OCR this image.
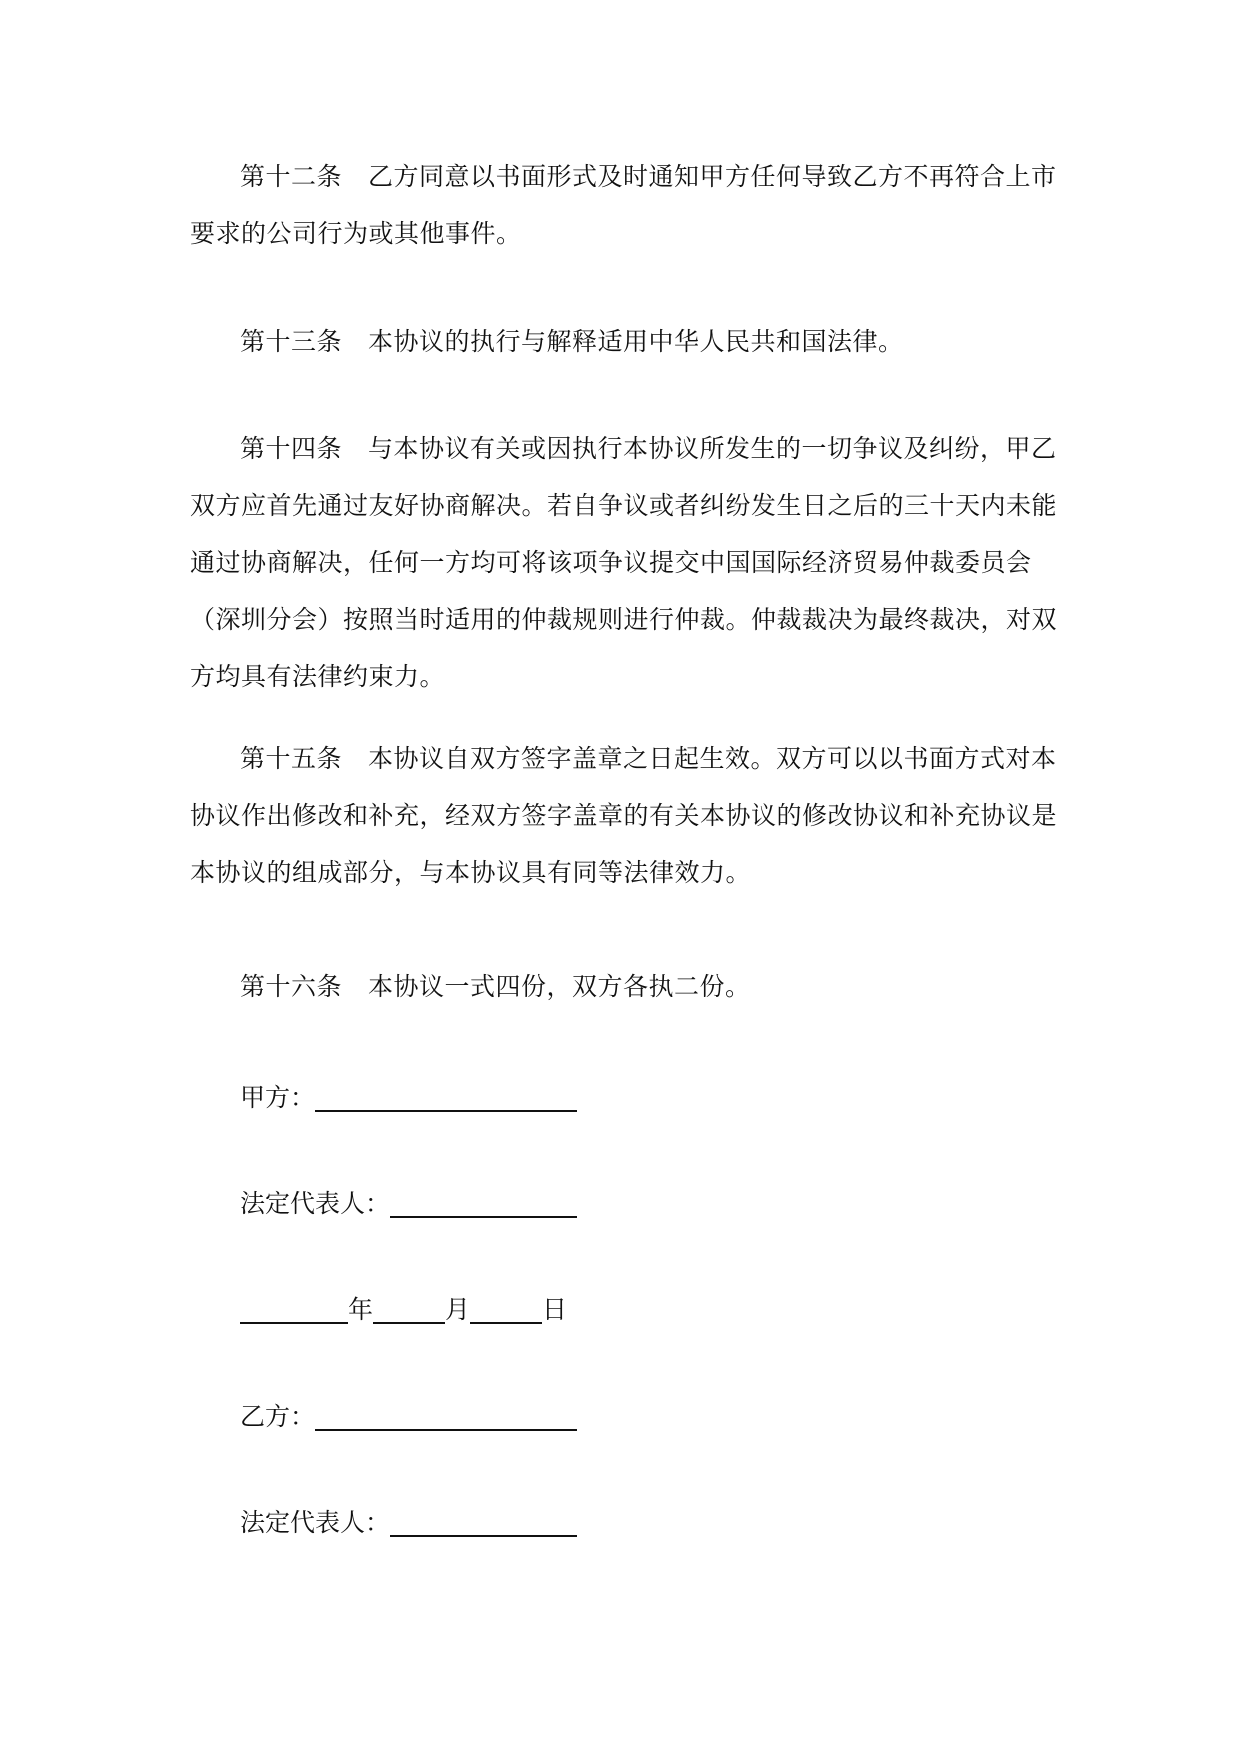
第十二条 乙方同意以书面形式及时通知甲方任何导致乙方不再符合上市要求的公司行为或其他事件。

第十三条 本协议的执行与解释适用中华人民共和国法律。

第十四条 与本协议有关或因执行本协议所发生的一切争议及纠纷，甲乙双方应首先通过友好协商解决。若自争议或者纠纷发生日之后的三十天内未能通过协商解决，任何一方均可将该项争议提交中国国际经济贸易仲裁委员会（深圳分会）按照当时适用的仲裁规则进行仲裁。仲裁裁决为最终裁决，对双方均具有法律约束力。

第十五条 本协议自双方签字盖章之日起生效。双方可以以书面方式对本协议作出修改和补充，经双方签字盖章的有关本协议的修改协议和补充协议是本协议的组成部分，与本协议具有同等法律效力。

第十六条 本协议一式四份，双方各执二份。

甲方：
法定代表人：
年	月	日
乙方：
法定代表人：
